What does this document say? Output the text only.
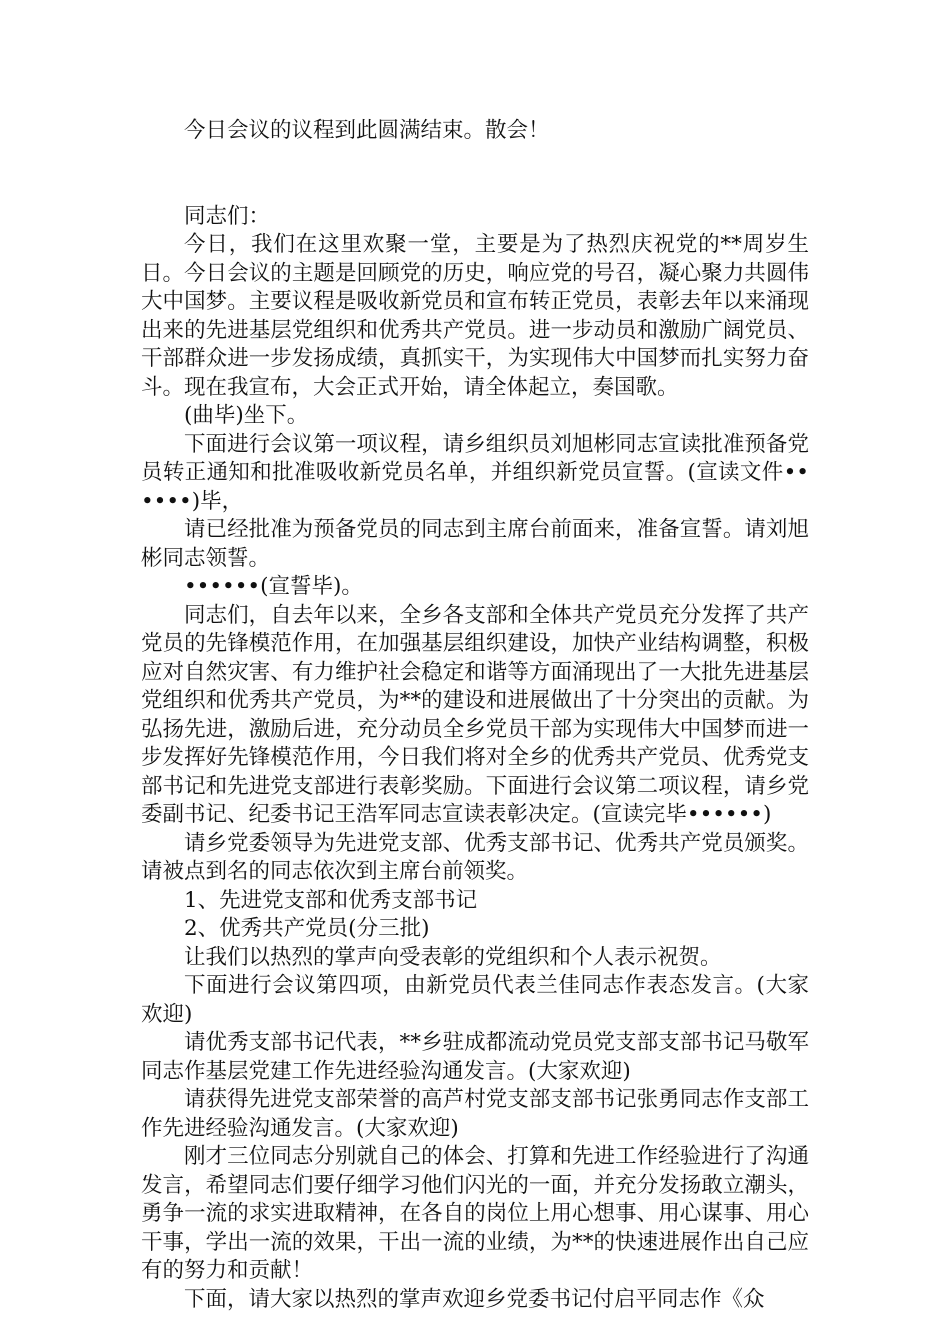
今日会议的议程到此圆满结束。散会！

同志们：

今日，我们在这里欢聚一堂，主要是为了热烈庆祝党的**周岁生日。今日会议的主题是回顾党的历史，响应党的号召，凝心聚力共圆伟大中国梦。主要议程是吸收新党员和宣布转正党员，表彰去年以来涌现出来的先进基层党组织和优秀共产党员。进一步动员和激励广阔党员、干部群众进一步发扬成绩，真抓实干，为实现伟大中国梦而扎实努力奋斗。现在我宣布，大会正式开始，请全体起立，奏国歌。

(曲毕)坐下。

下面进行会议第一项议程，请乡组织员刘旭彬同志宣读批准预备党员转正通知和批准吸收新党员名单，并组织新党员宣誓。(宣读文件••••••)毕，

请已经批准为预备党员的同志到主席台前面来，准备宣誓。请刘旭彬同志领誓。

••••••(宣誓毕)。

同志们，自去年以来，全乡各支部和全体共产党员充分发挥了共产党员的先锋模范作用，在加强基层组织建设，加快产业结构调整，积极应对自然灾害、有力维护社会稳定和谐等方面涌现出了一大批先进基层党组织和优秀共产党员，为**的建设和进展做出了十分突出的贡献。为弘扬先进，激励后进，充分动员全乡党员干部为实现伟大中国梦而进一步发挥好先锋模范作用，今日我们将对全乡的优秀共产党员、优秀党支部书记和先进党支部进行表彰奖励。下面进行会议第二项议程，请乡党委副书记、纪委书记王浩军同志宣读表彰决定。(宣读完毕••••••)

请乡党委领导为先进党支部、优秀支部书记、优秀共产党员颁奖。请被点到名的同志依次到主席台前领奖。

1、先进党支部和优秀支部书记

2、优秀共产党员(分三批)

让我们以热烈的掌声向受表彰的党组织和个人表示祝贺。

下面进行会议第四项，由新党员代表兰佳同志作表态发言。(大家欢迎)

请优秀支部书记代表，**乡驻成都流动党员党支部支部书记马敬军同志作基层党建工作先进经验沟通发言。(大家欢迎)

请获得先进党支部荣誉的高芦村党支部支部书记张勇同志作支部工作先进经验沟通发言。(大家欢迎)

刚才三位同志分别就自己的体会、打算和先进工作经验进行了沟通发言，希望同志们要仔细学习他们闪光的一面，并充分发扬敢立潮头，勇争一流的求实进取精神，在各自的岗位上用心想事、用心谋事、用心干事，学出一流的效果，干出一流的业绩，为**的快速进展作出自己应有的努力和贡献！

下面，请大家以热烈的掌声欢迎乡党委书记付启平同志作《众
